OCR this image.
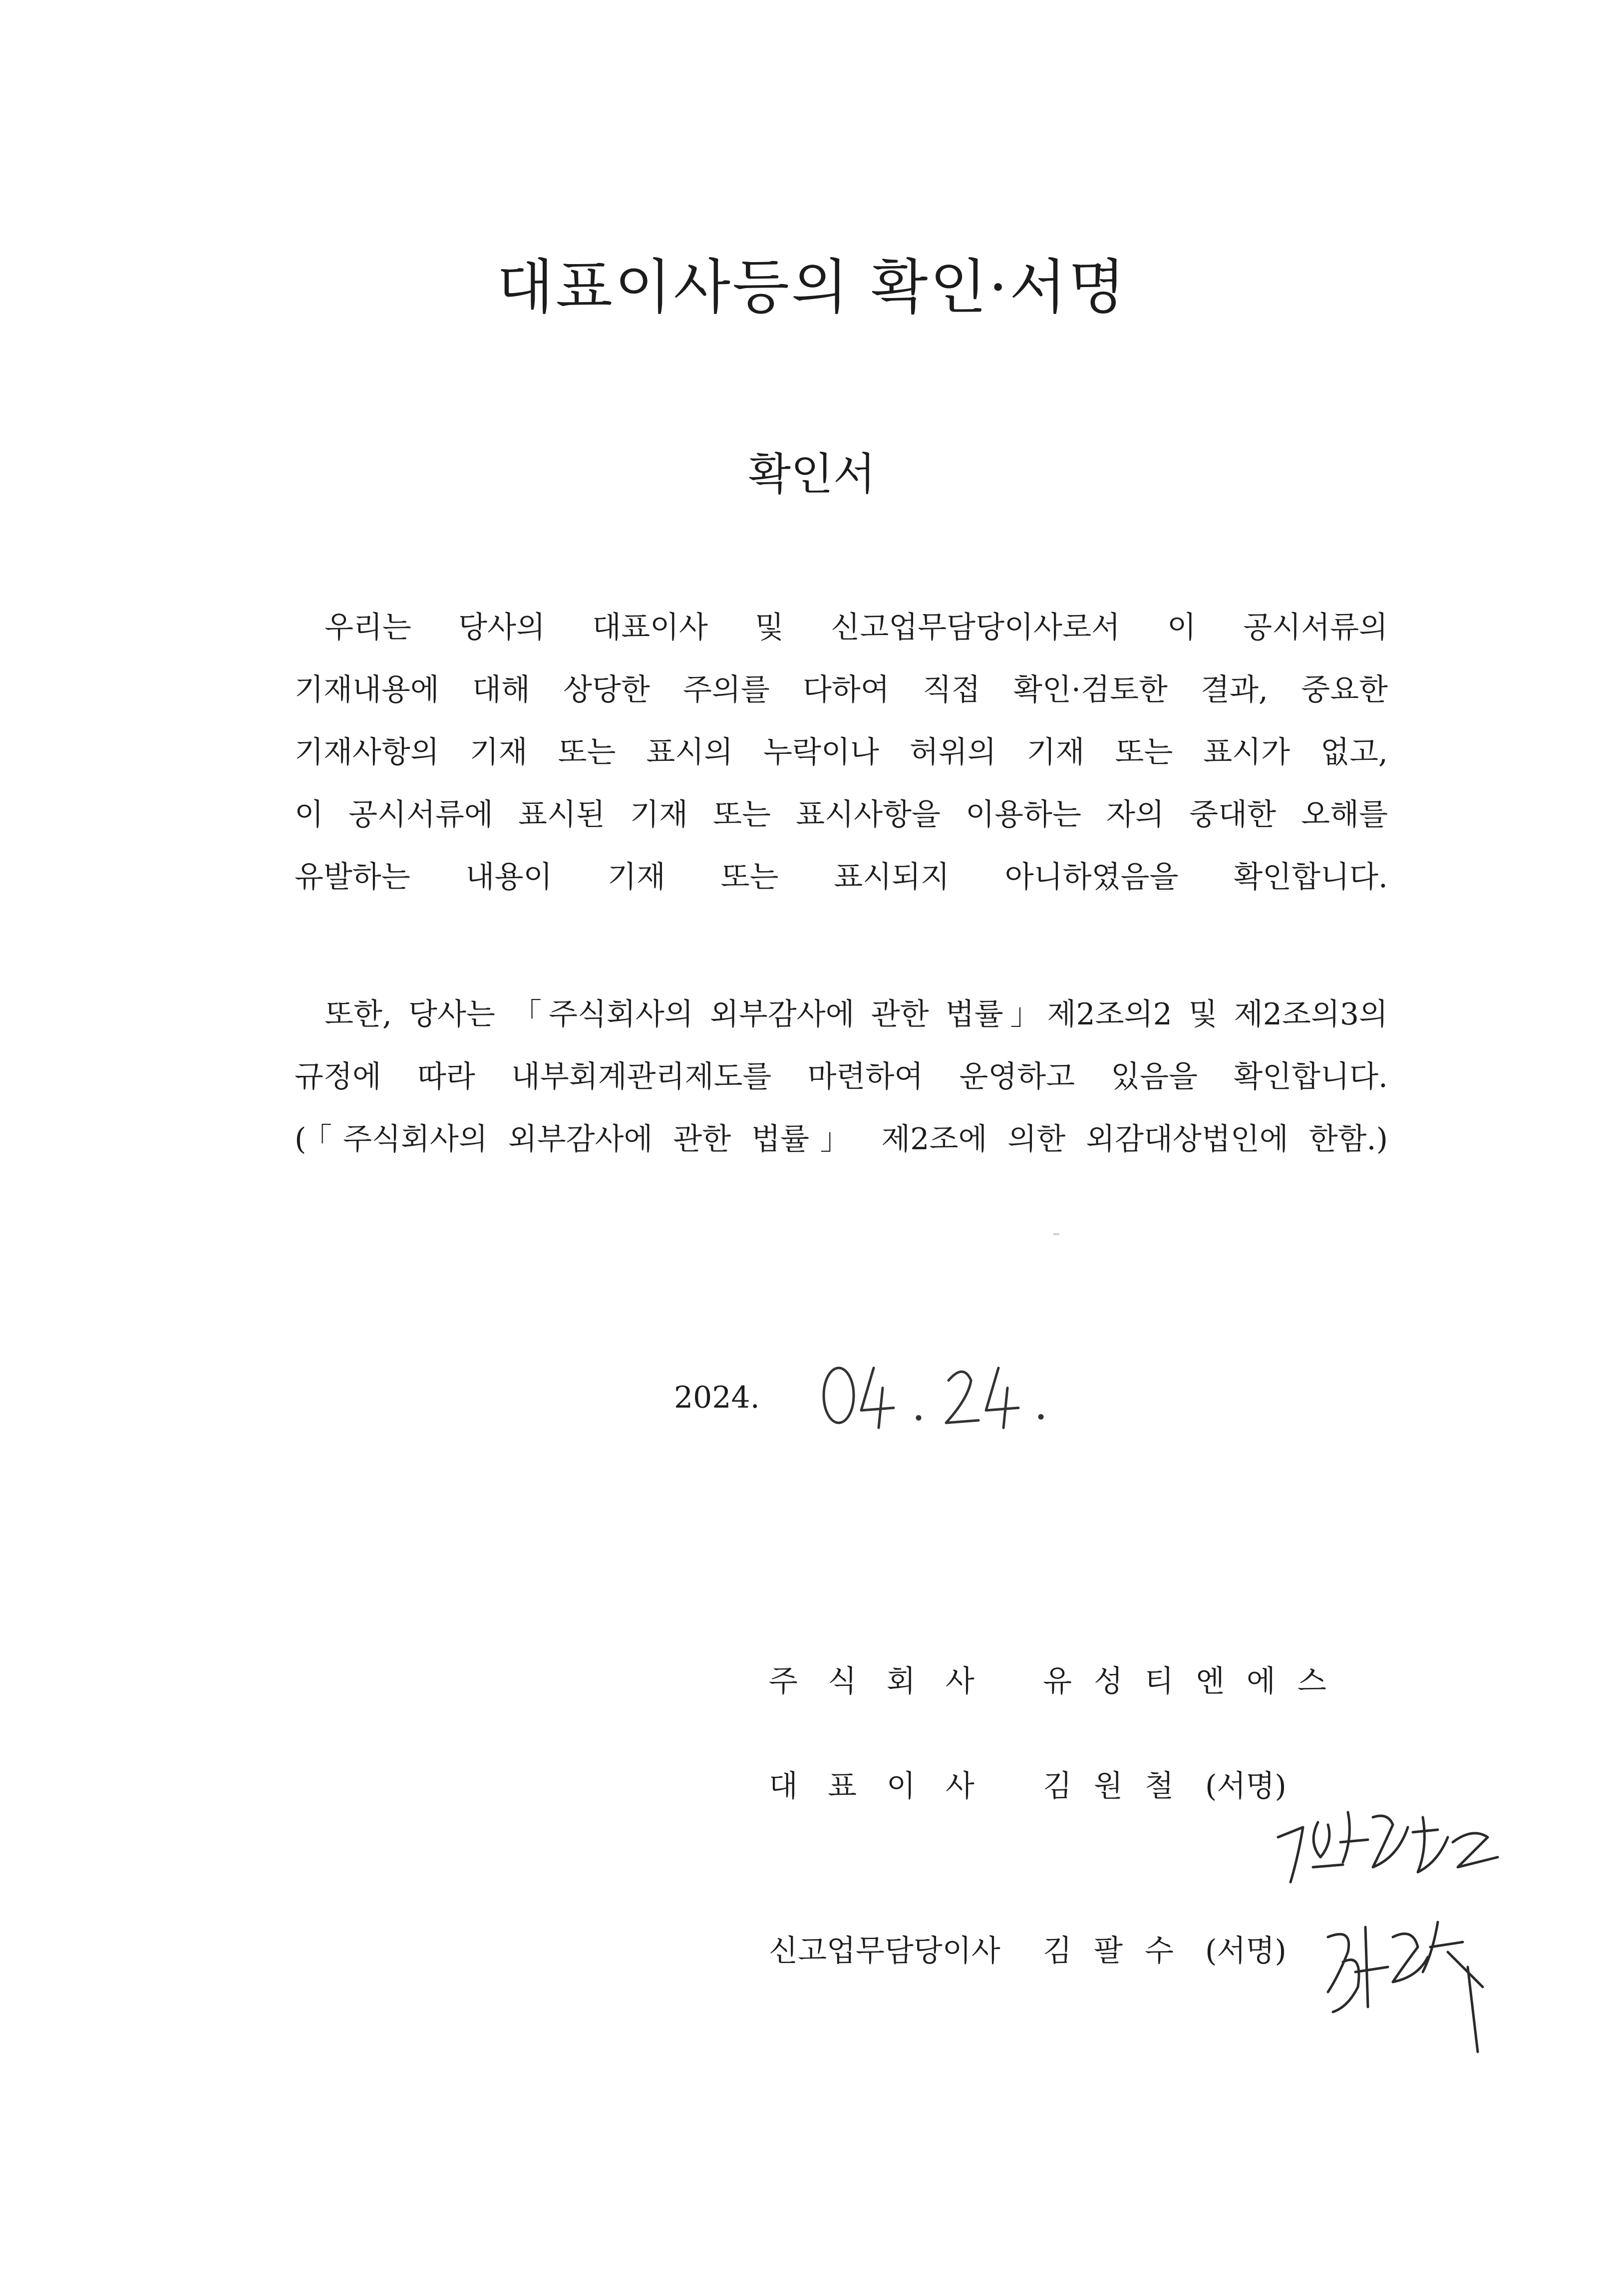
대표이사등의 확인·서명
확인서
우리는 당사의 대표이사 및 신고업무담당이사로서 이 공시서류의
기재내용에 대해 상당한 주의를 다하여 직접 확인·검토한 결과, 중요한
기재사항의 기재 또는 표시의 누락이나 허위의 기재 또는 표시가 없고,
이 공시서류에 표시된 기재 또는 표시사항을 이용하는 자의 중대한 오해를
유발하는 내용이 기재 또는 표시되지 아니하였음을 확인합니다.
또한, 당사는 「주식회사의 외부감사에 관한 법률」제2조의2 및 제2조의3의
규정에 따라 내부회계관리제도를 마련하여 운영하고 있음을 확인합니다.
(「주식회사의 외부감사에 관한 법률」 제2조에 의한 외감대상법인에 한함.)
2024.
주식회사 유성티엔에스
대표이사 김원철 (서명)
신고업무담당이사 김팔수 (서명)
